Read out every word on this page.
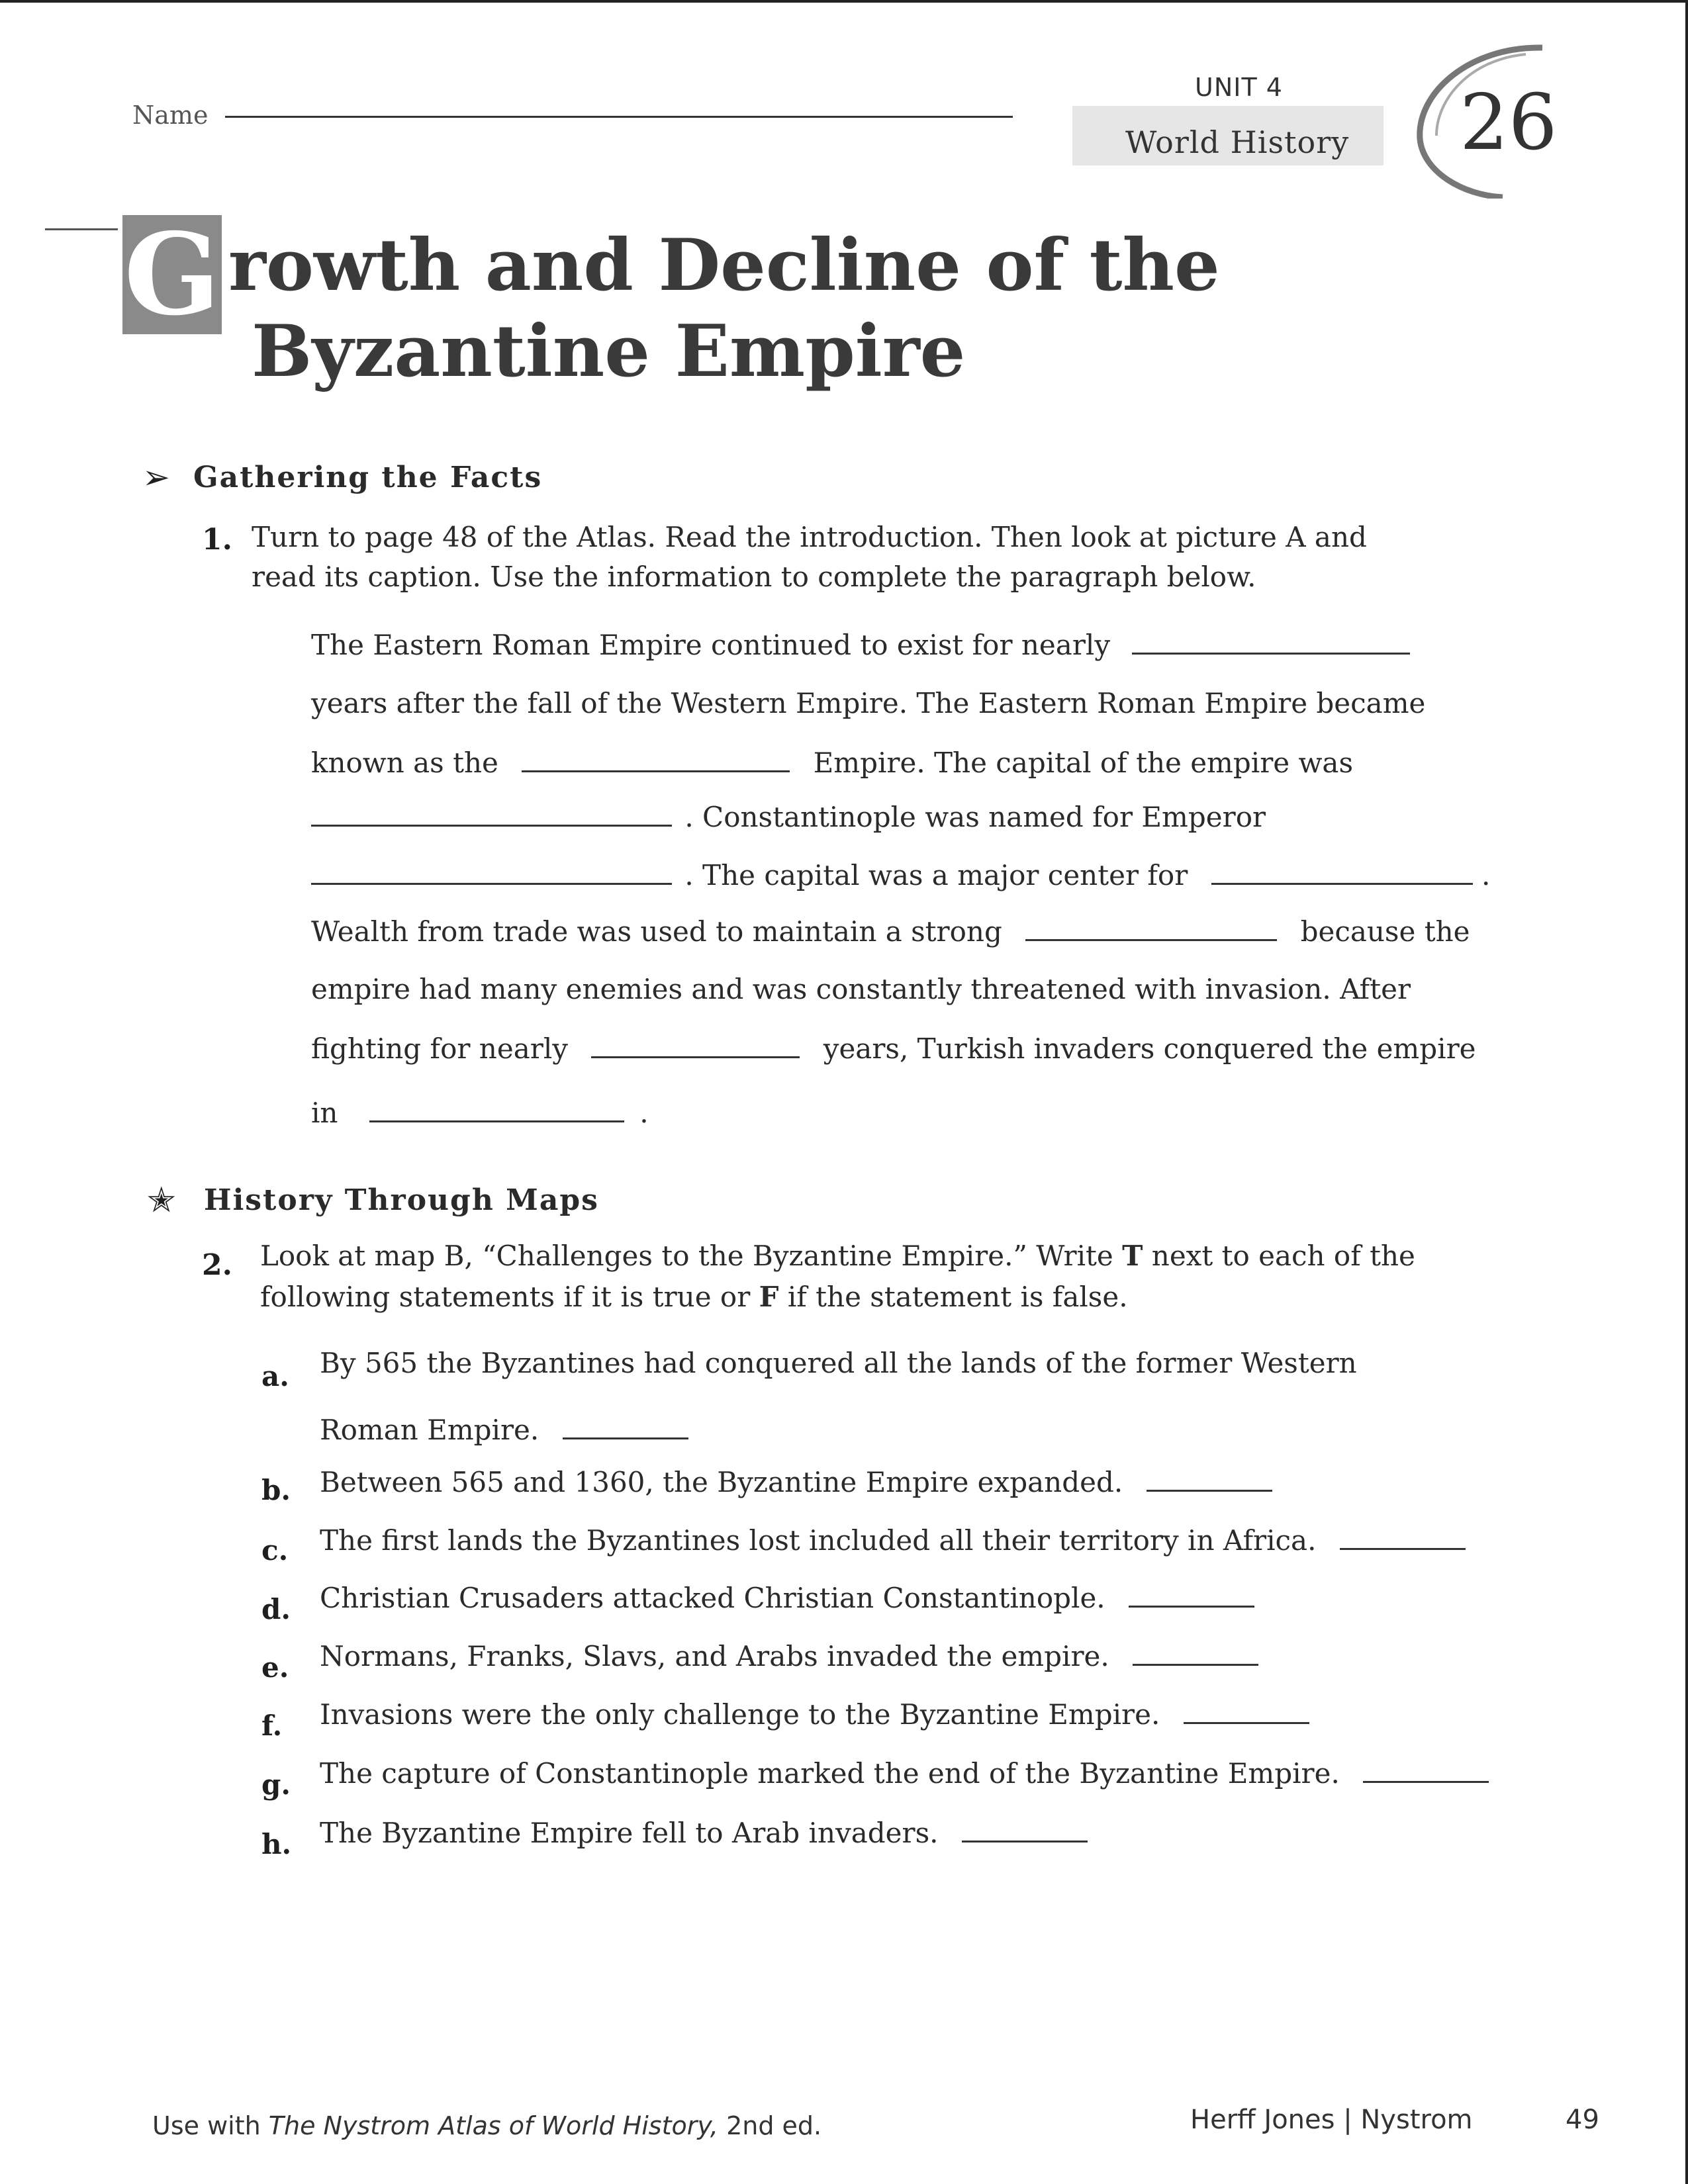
Name
UNIT 4
World History 26
G rowth and Decline of the
Byzantine Empire
➢ Gathering the Facts
1. Turn to page 48 of the Atlas. Read the introduction. Then look at picture A and
read its caption. Use the information to complete the paragraph below.
The Eastern Roman Empire continued to exist for nearly
years after the fall of the Western Empire. The Eastern Roman Empire became
known as the	Empire. The capital of the empire was
. Constantinople was named for Emperor
. The capital was a major center for	.
Wealth from trade was used to maintain a strong	because the
empire had many enemies and was constantly threatened with invasion. After
fighting for nearly	years, Turkish invaders conquered the empire
in	.
✭ History Through Maps
2. Look at map B, “Challenges to the Byzantine Empire.” Write T next to each of the
following statements if it is true or F if the statement is false.
a. By 565 the Byzantines had conquered all the lands of the former Western
Roman Empire.
b. Between 565 and 1360, the Byzantine Empire expanded.
c. The first lands the Byzantines lost included all their territory in Africa.
d. Christian Crusaders attacked Christian Constantinople.
e. Normans, Franks, Slavs, and Arabs invaded the empire.
f. Invasions were the only challenge to the Byzantine Empire.
g. The capture of Constantinople marked the end of the Byzantine Empire.
h. The Byzantine Empire fell to Arab invaders.
Use with The Nystrom Atlas of World History, 2nd ed.	Herff Jones | Nystrom	49
